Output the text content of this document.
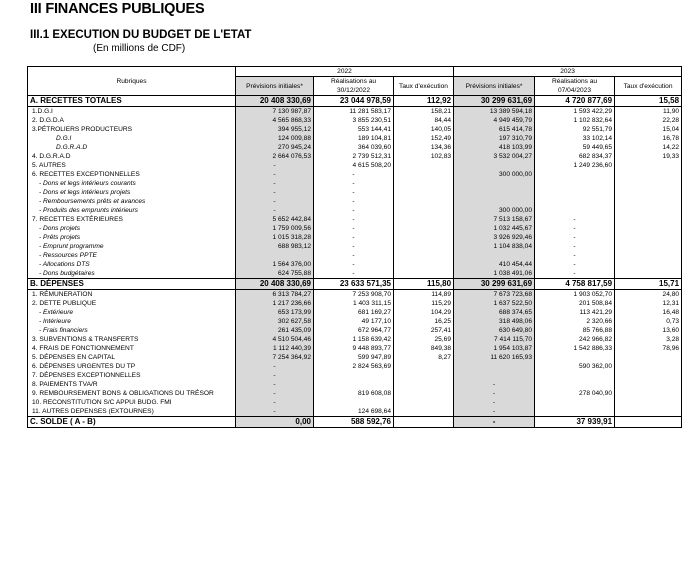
III FINANCES PUBLIQUES
III.1 EXECUTION DU BUDGET DE L'ETAT
(En millions de CDF)
Rubriques	2022			2023		
	Prévisions initiales*	Réalisations au 30/12/2022	Taux d'exécution	Prévisions initiales*	Réalisations au 07/04/2023	Taux d'exécution
A. RECETTES TOTALES	20 408 330,69	23 044 978,59	112,92	30 299 631,69	4 720 877,69	15,58
1.D.G.I	7 130 987,87	11 281 583,17	158,21	13 389 594,18	1 593 422,29	11,90
2. D.G.D.A	4 565 868,33	3 855 230,51	84,44	4 949 459,79	1 102 832,64	22,28
3.PÉTROLIERS PRODUCTEURS	394 955,12	553 144,41	140,05	615 414,78	92 551,79	15,04
D.G.I	124 009,88	189 104,81	152,49	197 310,79	33 102,14	16,78
D.G.R.A.D	270 945,24	364 039,60	134,36	418 103,99	59 449,65	14,22
4. D.G.R.A.D	2 664 076,53	2 739 512,31	102,83	3 532 004,27	682 834,37	19,33
5. AUTRES	-	4 615 508,20			1 249 236,60	
6. RECETTES EXCEPTIONNELLES	-	-		300 000,00		
- Dons et legs intérieurs courants	-	-				
- Dons et legs intérieurs projets	-	-				
- Remboursements prêts et avances	-	-				
- Produits des emprunts intérieurs	-	-		300 000,00		
7. RECETTES EXTÉRIEURES	5 652 442,84	-		7 513 158,67	-	
- Dons projets	1 759 009,56	-		1 032 445,67	-	
- Prêts projets	1 015 318,28	-		3 926 929,46	-	
- Emprunt programme	688 983,12	-		1 104 838,04	-	
- Ressources PPTE		-			-	
- Allocations DTS	1 564 376,00	-		410 454,44	-	
- Dons budgétaires	624 755,88	-		1 038 491,06	-	
B. DÉPENSES	20 408 330,69	23 633 571,35	115,80	30 299 631,69	4 758 817,59	15,71
1. RÉMUNERATION	6 313 784,27	7 253 908,70	114,89	7 673 723,68	1 903 052,70	24,80
2. DETTE PUBLIQUE	1 217 236,66	1 403 311,15	115,29	1 637 522,50	201 508,84	12,31
- Extérieure	653 173,99	681 169,27	104,29	688 374,65	113 421,29	16,48
- Intérieure	302 627,58	49 177,10	16,25	318 498,06	2 320,66	0,73
- Frais financiers	261 435,09	672 964,77	257,41	630 649,80	85 766,88	13,60
3. SUBVENTIONS & TRANSFERTS	4 510 504,46	1 158 639,42	25,69	7 414 115,70	242 966,82	3,28
4. FRAIS DE FONCTIONNEMENT	1 112 440,39	9 448 893,77	849,38	1 954 103,87	1 542 886,33	78,96
5. DÉPENSES EN CAPITAL	7 254 364,92	599 947,89	8,27	11 620 165,93		
6. DÉPENSES URGENTES DU TP	-	2 824 563,69			590 362,00	
7. DÉPENSES EXCEPTIONNELLES	-					
8. PAIEMENTS TVA/R	-			-		
9. REMBOURSEMENT BONS & OBLIGATIONS DU TRÉSOR	-	819 608,08		-	278 040,90	
10. RECONSTITUTION S/C APPUI BUDG. FMI	-			-		
11. AUTRES DEPENSES (EXTOURNES)	-	124 698,64		-		
C. SOLDE ( A - B)	0,00	588 592,76		-	37 939,91	
